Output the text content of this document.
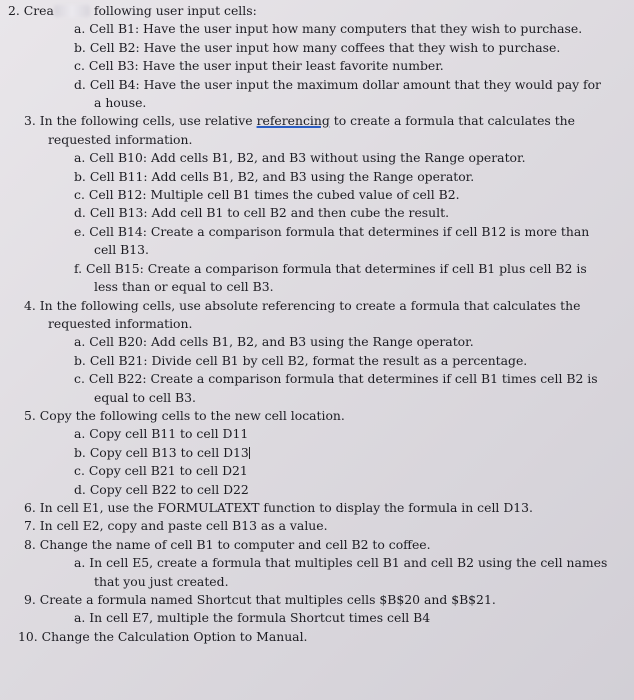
2. Crea	following user input cells:
a. Cell B1: Have the user input how many computers that they wish to purchase.
b. Cell B2: Have the user input how many coffees that they wish to purchase.
c. Cell B3: Have the user input their least favorite number.
d. Cell B4: Have the user input the maximum dollar amount that they would pay for
a house.
3. In the following cells, use relative referencing to create a formula that calculates the
requested information.
a. Cell B10: Add cells B1, B2, and B3 without using the Range operator.
b. Cell B11: Add cells B1, B2, and B3 using the Range operator.
c. Cell B12: Multiple cell B1 times the cubed value of cell B2.
d. Cell B13: Add cell B1 to cell B2 and then cube the result.
e. Cell B14: Create a comparison formula that determines if cell B12 is more than
cell B13.
f. Cell B15: Create a comparison formula that determines if cell B1 plus cell B2 is
less than or equal to cell B3.
4. In the following cells, use absolute referencing to create a formula that calculates the
requested information.
a. Cell B20: Add cells B1, B2, and B3 using the Range operator.
b. Cell B21: Divide cell B1 by cell B2, format the result as a percentage.
c. Cell B22: Create a comparison formula that determines if cell B1 times cell B2 is
equal to cell B3.
5. Copy the following cells to the new cell location.
a. Copy cell B11 to cell D11
b. Copy cell B13 to cell D13
c. Copy cell B21 to cell D21
d. Copy cell B22 to cell D22
6. In cell E1, use the FORMULATEXT function to display the formula in cell D13.
7. In cell E2, copy and paste cell B13 as a value.
8. Change the name of cell B1 to computer and cell B2 to coffee.
a. In cell E5, create a formula that multiples cell B1 and cell B2 using the cell names
that you just created.
9. Create a formula named Shortcut that multiples cells $B$20 and $B$21.
a. In cell E7, multiple the formula Shortcut times cell B4
10. Change the Calculation Option to Manual.
